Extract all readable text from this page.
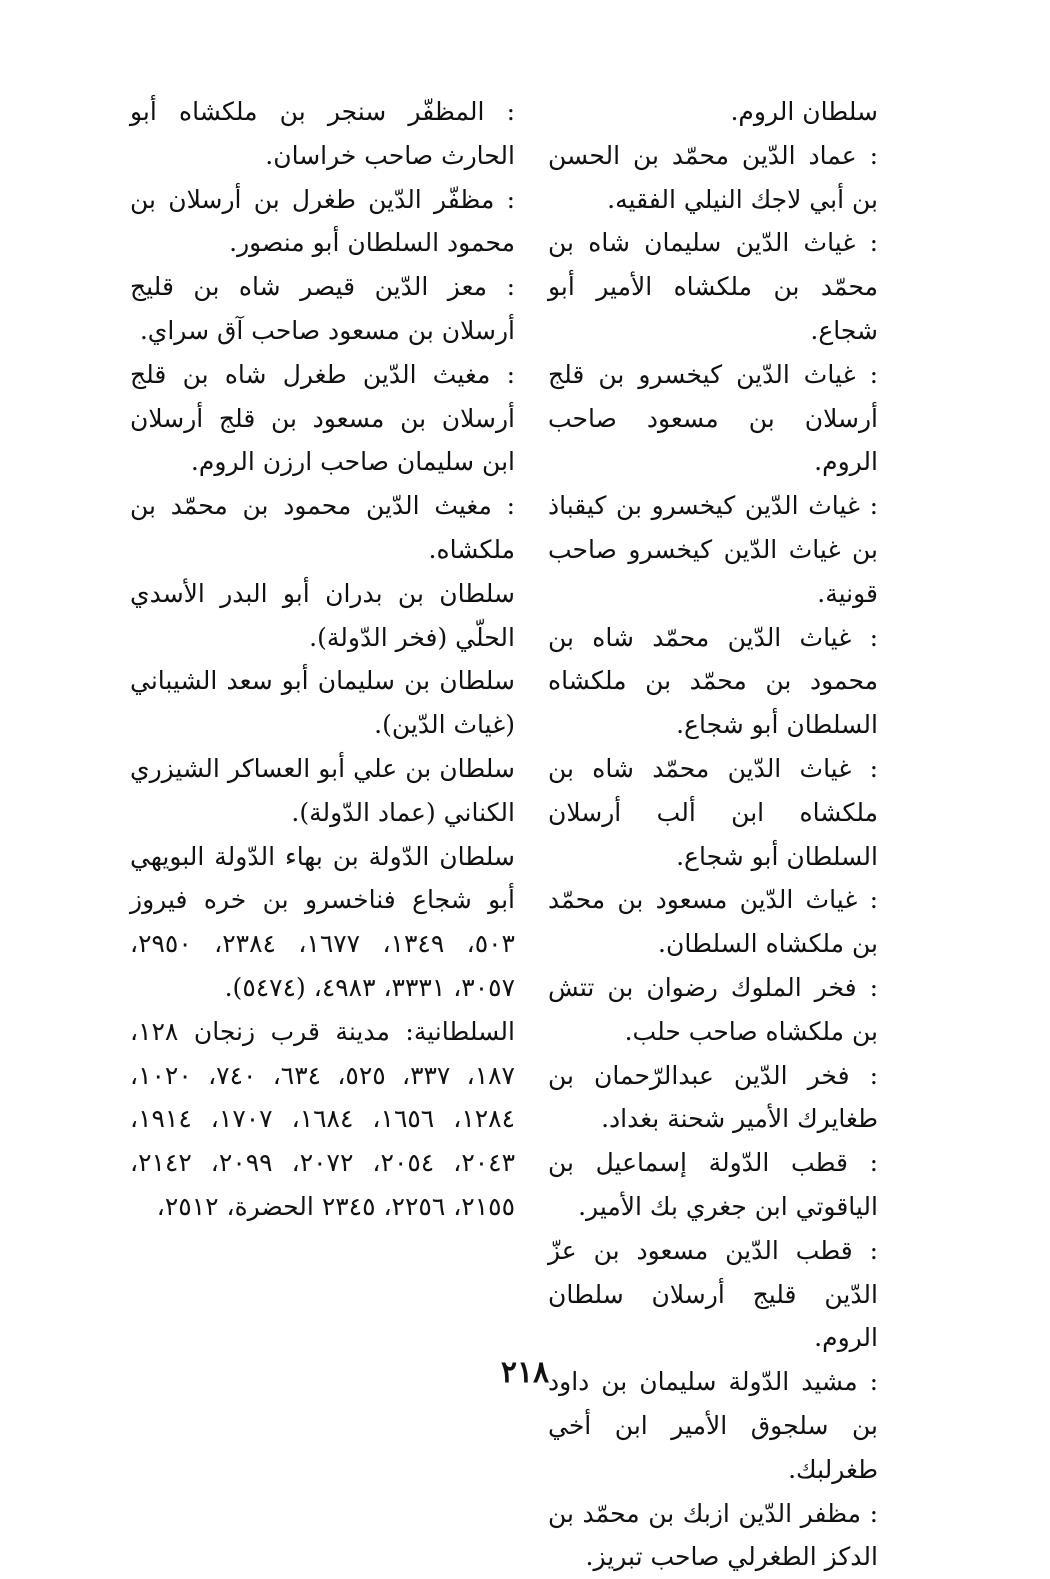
سلطان الروم.

: عماد الدّين محمّد بن الحسن بن أبي لاجك النيلي الفقيه.

: غياث الدّين سليمان شاه بن محمّد بن ملكشاه الأمير أبو شجاع.

: غياث الدّين كيخسرو بن قلج أرسلان بن مسعود صاحب الروم.

: غياث الدّين كيخسرو بن كيقباذ بن غياث الدّين كيخسرو صاحب قونية.

: غياث الدّين محمّد شاه بن محمود بن محمّد بن ملكشاه السلطان أبو شجاع.

: غياث الدّين محمّد شاه بن ملكشاه ابن ألب أرسلان السلطان أبو شجاع.

: غياث الدّين مسعود بن محمّد بن ملكشاه السلطان.

: فخر الملوك رضوان بن تتش بن ملكشاه صاحب حلب.

: فخر الدّين عبدالرّحمان بن طغايرك الأمير شحنة بغداد.

: قطب الدّولة إسماعيل بن الياقوتي ابن جغري بك الأمير.

: قطب الدّين مسعود بن عزّ الدّين قليج أرسلان سلطان الروم.

: مشيد الدّولة سليمان بن داود بن سلجوق الأمير ابن أخي طغرلبك.

: مظفر الدّين ازبك بن محمّد بن الدكز الطغرلي صاحب تبريز.

: المظفّر سنجر بن ملكشاه أبو الحارث صاحب خراسان.

: مظفّر الدّين طغرل بن أرسلان بن محمود السلطان أبو منصور.

: معز الدّين قيصر شاه بن قليج أرسلان بن مسعود صاحب آق سراي.

: مغيث الدّين طغرل شاه بن قلج أرسلان بن مسعود بن قلج أرسلان ابن سليمان صاحب ارزن الروم.

: مغيث الدّين محمود بن محمّد بن ملكشاه.

سلطان بن بدران أبو البدر الأسدي الحلّي (فخر الدّولة).

سلطان بن سليمان أبو سعد الشيباني (غياث الدّين).

سلطان بن علي أبو العساكر الشيزري الكناني (عماد الدّولة).

سلطان الدّولة بن بهاء الدّولة البويهي أبو شجاع فناخسرو بن خره فيروز ٥٠٣، ١٣٤٩، ١٦٧٧، ٢٣٨٤، ٢٩٥٠، ٣٠٥٧، ٣٣٣١، ٤٩٨٣، (٥٤٧٤).

السلطانية: مدينة قرب زنجان ١٢٨، ١٨٧، ٣٣٧، ٥٢٥، ٦٣٤، ٧٤٠، ١٠٢٠، ١٢٨٤، ١٦٥٦، ١٦٨٤، ١٧٠٧، ١٩١٤، ٢٠٤٣، ٢٠٥٤، ٢٠٧٢، ٢٠٩٩، ٢١٤٢، ٢١٥٥، ٢٢٥٦، ٢٣٤٥ الحضرة، ٢٥١٢،

٢١٨
